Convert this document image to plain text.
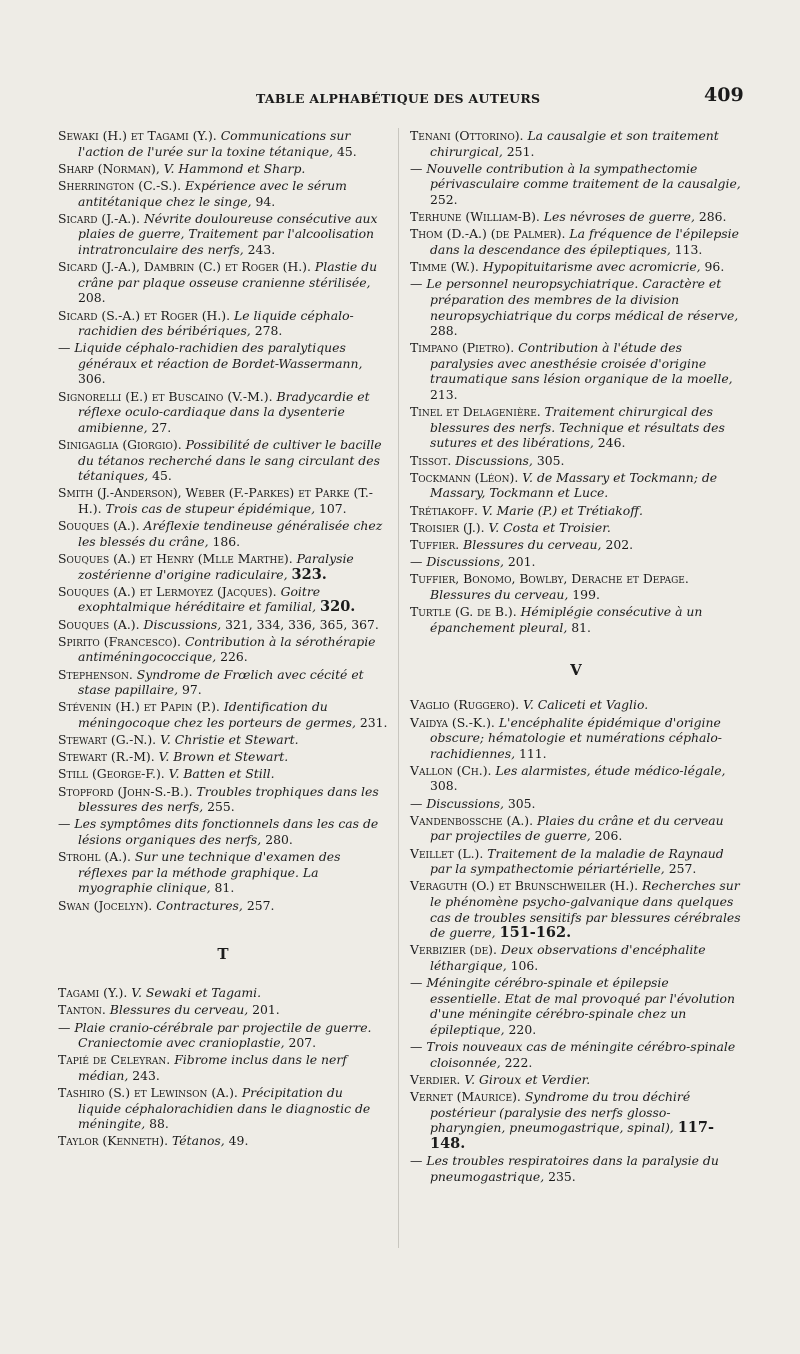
TABLE ALPHABÉTIQUE DES AUTEURS	409

Sewaki (H.) et Tagami (Y.). Communications sur l'action de l'urée sur la toxine tétanique, 45.

Sharp (Norman), V. Hammond et Sharp.

Sherrington (C.-S.). Expérience avec le sérum antitétanique chez le singe, 94.

Sicard (J.-A.). Névrite douloureuse consécutive aux plaies de guerre, Traitement par l'alcoolisation intratronculaire des nerfs, 243.

Sicard (J.-A.), Dambrin (C.) et Roger (H.). Plastie du crâne par plaque osseuse cranienne stérilisée, 208.

Sicard (S.-A.) et Roger (H.). Le liquide céphalo-rachidien des béribériques, 278.

— Liquide céphalo-rachidien des paralytiques généraux et réaction de Bordet-Wassermann, 306.

Signorelli (E.) et Buscaino (V.-M.). Bradycardie et réflexe oculo-cardiaque dans la dysenterie amibienne, 27.

Sinigaglia (Giorgio). Possibilité de cultiver le bacille du tétanos recherché dans le sang circulant des tétaniques, 45.

Smith (J.-Anderson), Weber (F.-Parkes) et Parke (T.-H.). Trois cas de stupeur épidémique, 107.

Souques (A.). Aréflexie tendineuse généralisée chez les blessés du crâne, 186.

Souques (A.) et Henry (Mlle Marthe). Paralysie zostérienne d'origine radiculaire, 323.

Souques (A.) et Lermoyez (Jacques). Goitre exophtalmique héréditaire et familial, 320.

Souques (A.). Discussions, 321, 334, 336, 365, 367.

Spirito (Francesco). Contribution à la sérothérapie antiméningococcique, 226.

Stephenson. Syndrome de Frœlich avec cécité et stase papillaire, 97.

Stévenin (H.) et Papin (P.). Identification du méningocoque chez les porteurs de germes, 231.

Stewart (G.-N.). V. Christie et Stewart.

Stewart (R.-M). V. Brown et Stewart.

Still (George-F.). V. Batten et Still.

Stopford (John-S.-B.). Troubles trophiques dans les blessures des nerfs, 255.

— Les symptômes dits fonctionnels dans les cas de lésions organiques des nerfs, 280.

Strohl (A.). Sur une technique d'examen des réflexes par la méthode graphique. La myographie clinique, 81.

Swan (Jocelyn). Contractures, 257.

T

Tagami (Y.). V. Sewaki et Tagami.

Tanton. Blessures du cerveau, 201.

— Plaie cranio-cérébrale par projectile de guerre. Craniectomie avec cranioplastie, 207.

Tapié de Celeyran. Fibrome inclus dans le nerf médian, 243.

Tashiro (S.) et Lewinson (A.). Précipitation du liquide céphalorachidien dans le diagnostic de méningite, 88.

Taylor (Kenneth). Tétanos, 49.

Tenani (Ottorino). La causalgie et son traitement chirurgical, 251.

— Nouvelle contribution à la sympathectomie périvasculaire comme traitement de la causalgie, 252.

Terhune (William-B). Les névroses de guerre, 286.

Thom (D.-A.) (de Palmer). La fréquence de l'épilepsie dans la descendance des épileptiques, 113.

Timme (W.). Hypopituitarisme avec acromicrie, 96.

— Le personnel neuropsychiatrique. Caractère et préparation des membres de la division neuropsychiatrique du corps médical de réserve, 288.

Timpano (Pietro). Contribution à l'étude des paralysies avec anesthésie croisée d'origine traumatique sans lésion organique de la moelle, 213.

Tinel et Delagenière. Traitement chirurgical des blessures des nerfs. Technique et résultats des sutures et des libérations, 246.

Tissot. Discussions, 305.

Tockmann (Léon). V. de Massary et Tockmann; de Massary, Tockmann et Luce.

Trétiakoff. V. Marie (P.) et Trétiakoff.

Troisier (J.). V. Costa et Troisier.

Tuffier. Blessures du cerveau, 202.

— Discussions, 201.

Tuffier, Bonomo, Bowlby, Derache et Depage. Blessures du cerveau, 199.

Turtle (G. de B.). Hémiplégie consécutive à un épanchement pleural, 81.

V

Vaglio (Ruggero). V. Caliceti et Vaglio.

Vaidya (S.-K.). L'encéphalite épidémique d'origine obscure; hématologie et numérations céphalo-rachidiennes, 111.

Vallon (Ch.). Les alarmistes, étude médico-légale, 308.

— Discussions, 305.

Vandenbossche (A.). Plaies du crâne et du cerveau par projectiles de guerre, 206.

Veillet (L.). Traitement de la maladie de Raynaud par la sympathectomie périartérielle, 257.

Veraguth (O.) et Brunschweiler (H.). Recherches sur le phénomène psycho-galvanique dans quelques cas de troubles sensitifs par blessures cérébrales de guerre, 151-162.

Verbizier (de). Deux observations d'encéphalite léthargique, 106.

— Méningite cérébro-spinale et épilepsie essentielle. Etat de mal provoqué par l'évolution d'une méningite cérébro-spinale chez un épileptique, 220.

— Trois nouveaux cas de méningite cérébro-spinale cloisonnée, 222.

Verdier. V. Giroux et Verdier.

Vernet (Maurice). Syndrome du trou déchiré postérieur (paralysie des nerfs glosso-pharyngien, pneumogastrique, spinal), 117-148.

— Les troubles respiratoires dans la paralysie du pneumogastrique, 235.
